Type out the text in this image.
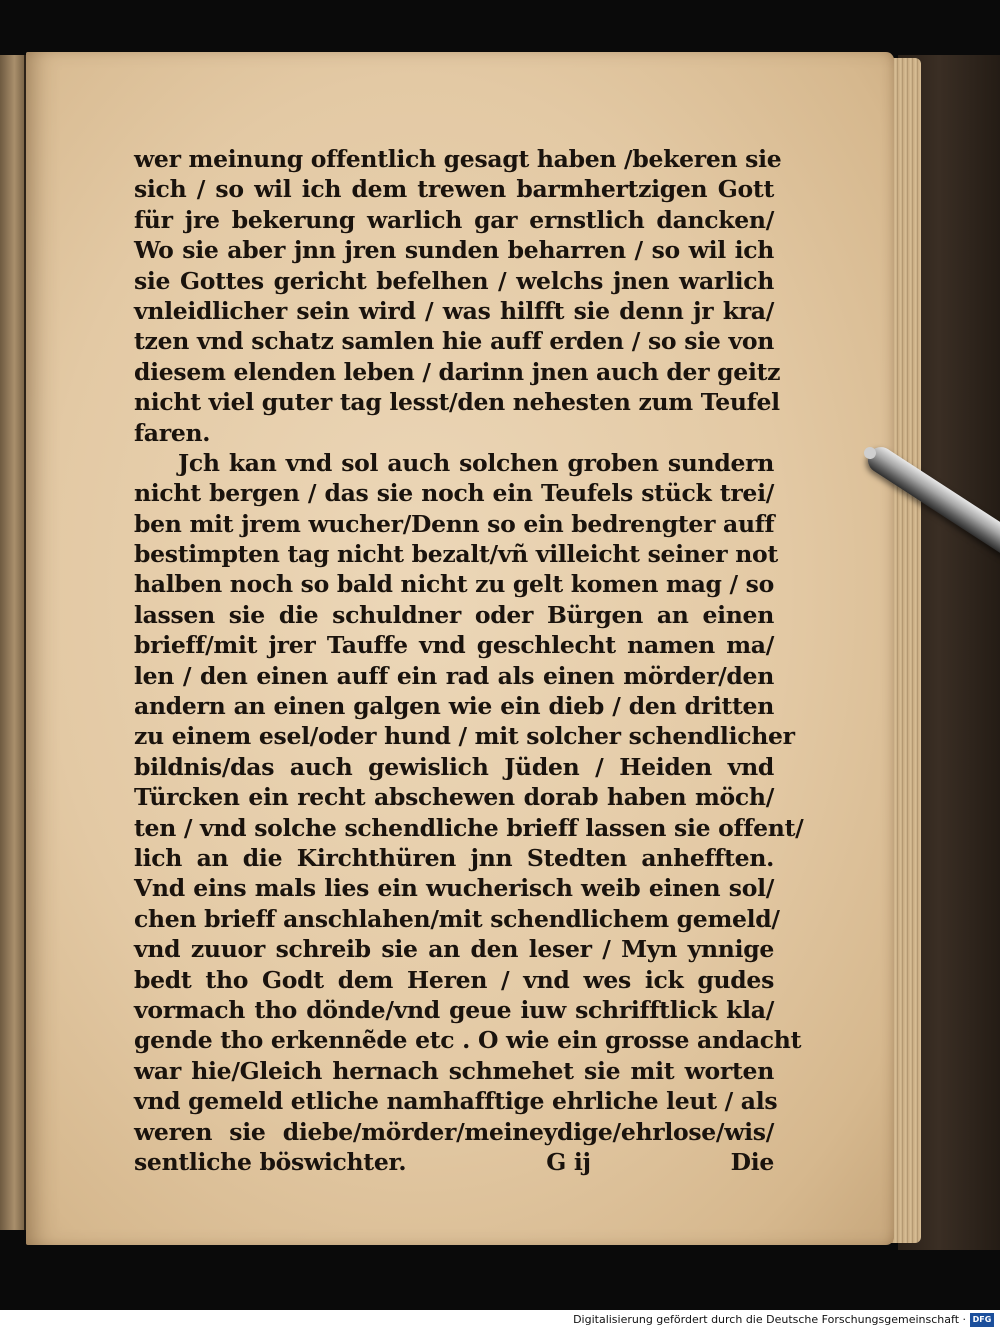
wer meinung offentlich gesagt haben /bekeren sie
sich / so wil ich dem trewen barmhertzigen Gott
für jre bekerung warlich gar ernstlich dancken/
Wo sie aber jnn jren sunden beharren / so wil ich
sie Gottes gericht befelhen / welchs jnen warlich
vnleidlicher sein wird / was hilfft sie denn jr kra/
tzen vnd schatz samlen hie auff erden / so sie von
diesem elenden leben / darinn jnen auch der geitz
nicht viel guter tag lesst/den nehesten zum Teufel
faren.
Jch kan vnd sol auch solchen groben sundern
nicht bergen / das sie noch ein Teufels stück trei/
ben mit jrem wucher/Denn so ein bedrengter auff
bestimpten tag nicht bezalt/vñ villeicht seiner not
halben noch so bald nicht zu gelt komen mag / so
lassen sie die schuldner oder Bürgen an einen
brieff/mit jrer Tauffe vnd geschlecht namen ma/
len / den einen auff ein rad als einen mörder/den
andern an einen galgen wie ein dieb / den dritten
zu einem esel/oder hund / mit solcher schendlicher
bildnis/das auch gewislich Jüden / Heiden vnd
Türcken ein recht abschewen dorab haben möch/
ten / vnd solche schendliche brieff lassen sie offent/
lich an die Kirchthüren jnn Stedten anhefften.
Vnd eins mals lies ein wucherisch weib einen sol/
chen brieff anschlahen/mit schendlichem gemeld/
vnd zuuor schreib sie an den leser / Myn ynnige
bedt tho Godt dem Heren / vnd wes ick gudes
vormach tho dönde/vnd geue iuw schrifftlick kla/
gende tho erkennẽde etc . O wie ein grosse andacht
war hie/Gleich hernach schmehet sie mit worten
vnd gemeld etliche namhafftige ehrliche leut / als
weren sie diebe/mörder/meineydige/ehrlose/wis/
sentliche böswichter.	G ij	Die
Digitalisierung gefördert durch die Deutsche Forschungsgemeinschaft · DFG
